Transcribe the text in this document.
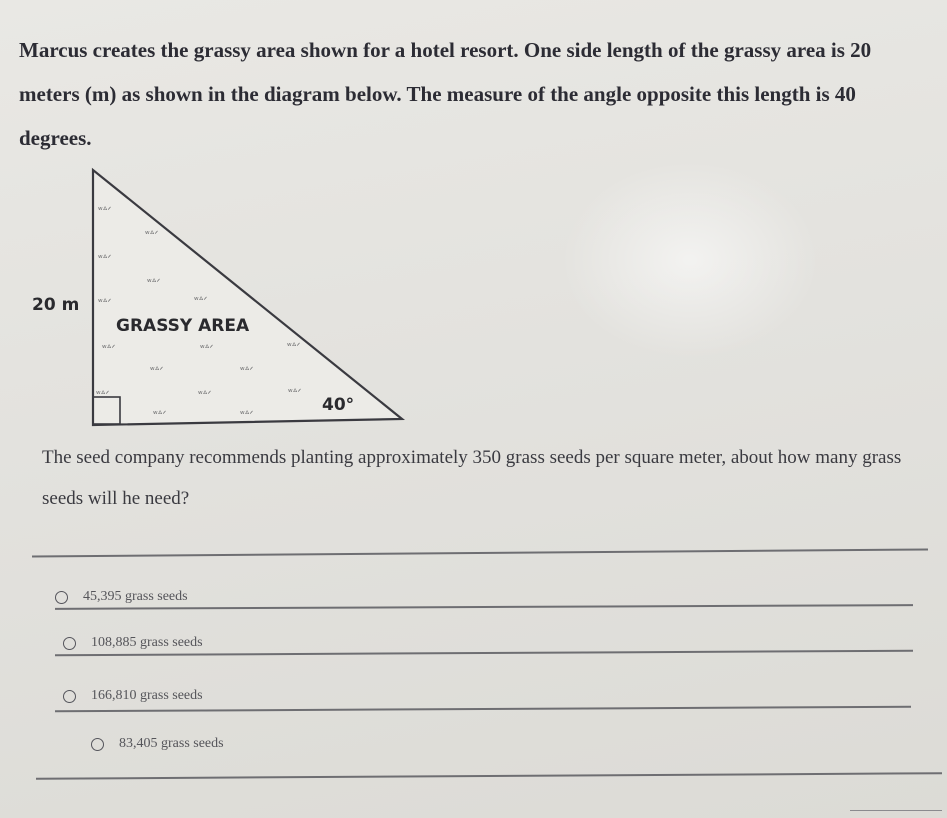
Marcus creates the grassy area shown for a hotel resort. One side length of the grassy area is 20 meters (m) as shown in the diagram below. The measure of the angle opposite this length is 40 degrees.

ʷᐞᐟ
ʷᐞᐟ
ʷᐞᐟ
ʷᐞᐟ
ʷᐞᐟ	ʷᐞᐟ
ʷᐞᐟ	ʷᐞᐟ	ʷᐞᐟ
ʷᐞᐟ	ʷᐞᐟ
ʷᐞᐟ	ʷᐞᐟ	ʷᐞᐟ
ʷᐞᐟ	ʷᐞᐟ
20 m
GRASSY AREA
40°

The seed company recommends planting approximately 350 grass seeds per square meter, about how many grass seeds will he need?

45,395 grass seeds
108,885 grass seeds
166,810 grass seeds
83,405 grass seeds
